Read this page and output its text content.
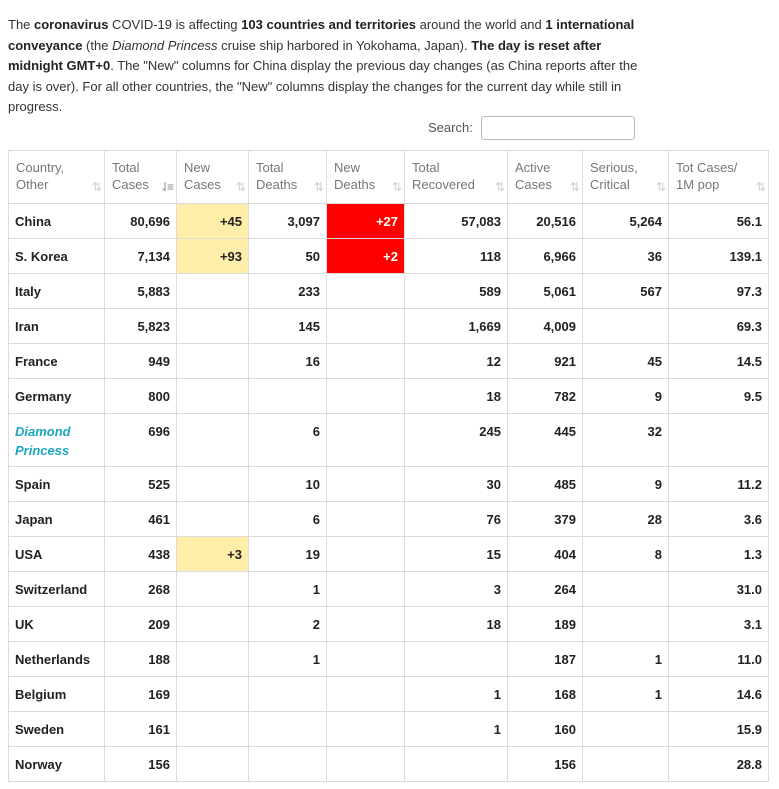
The coronavirus COVID-19 is affecting 103 countries and territories around the world and 1 international conveyance (the Diamond Princess cruise ship harbored in Yokohama, Japan). The day is reset after midnight GMT+0. The "New" columns for China display the previous day changes (as China reports after the day is over). For all other countries, the "New" columns display the changes for the current day while still in progress.

Search:
Country, Other ⇅	Total Cases ⇃≡	New Cases ⇅	Total Deaths ⇅	New Deaths ⇅	Total Recovered ⇅	Active Cases ⇅	Serious, Critical ⇅	Tot Cases/ 1M pop ⇅

China	80,696	+45	3,097	+27	57,083	20,516	5,264	56.1
S. Korea	7,134	+93	50	+2	118	6,966	36	139.1
Italy	5,883		233		589	5,061	567	97.3
Iran	5,823		145		1,669	4,009		69.3
France	949		16		12	921	45	14.5
Germany	800				18	782	9	9.5
Diamond Princess	696		6		245	445	32	
Spain	525		10		30	485	9	11.2
Japan	461		6		76	379	28	3.6
USA	438	+3	19		15	404	8	1.3
Switzerland	268		1		3	264		31.0
UK	209		2		18	189		3.1
Netherlands	188		1			187	1	11.0
Belgium	169				1	168	1	14.6
Sweden	161				1	160		15.9
Norway	156					156		28.8
